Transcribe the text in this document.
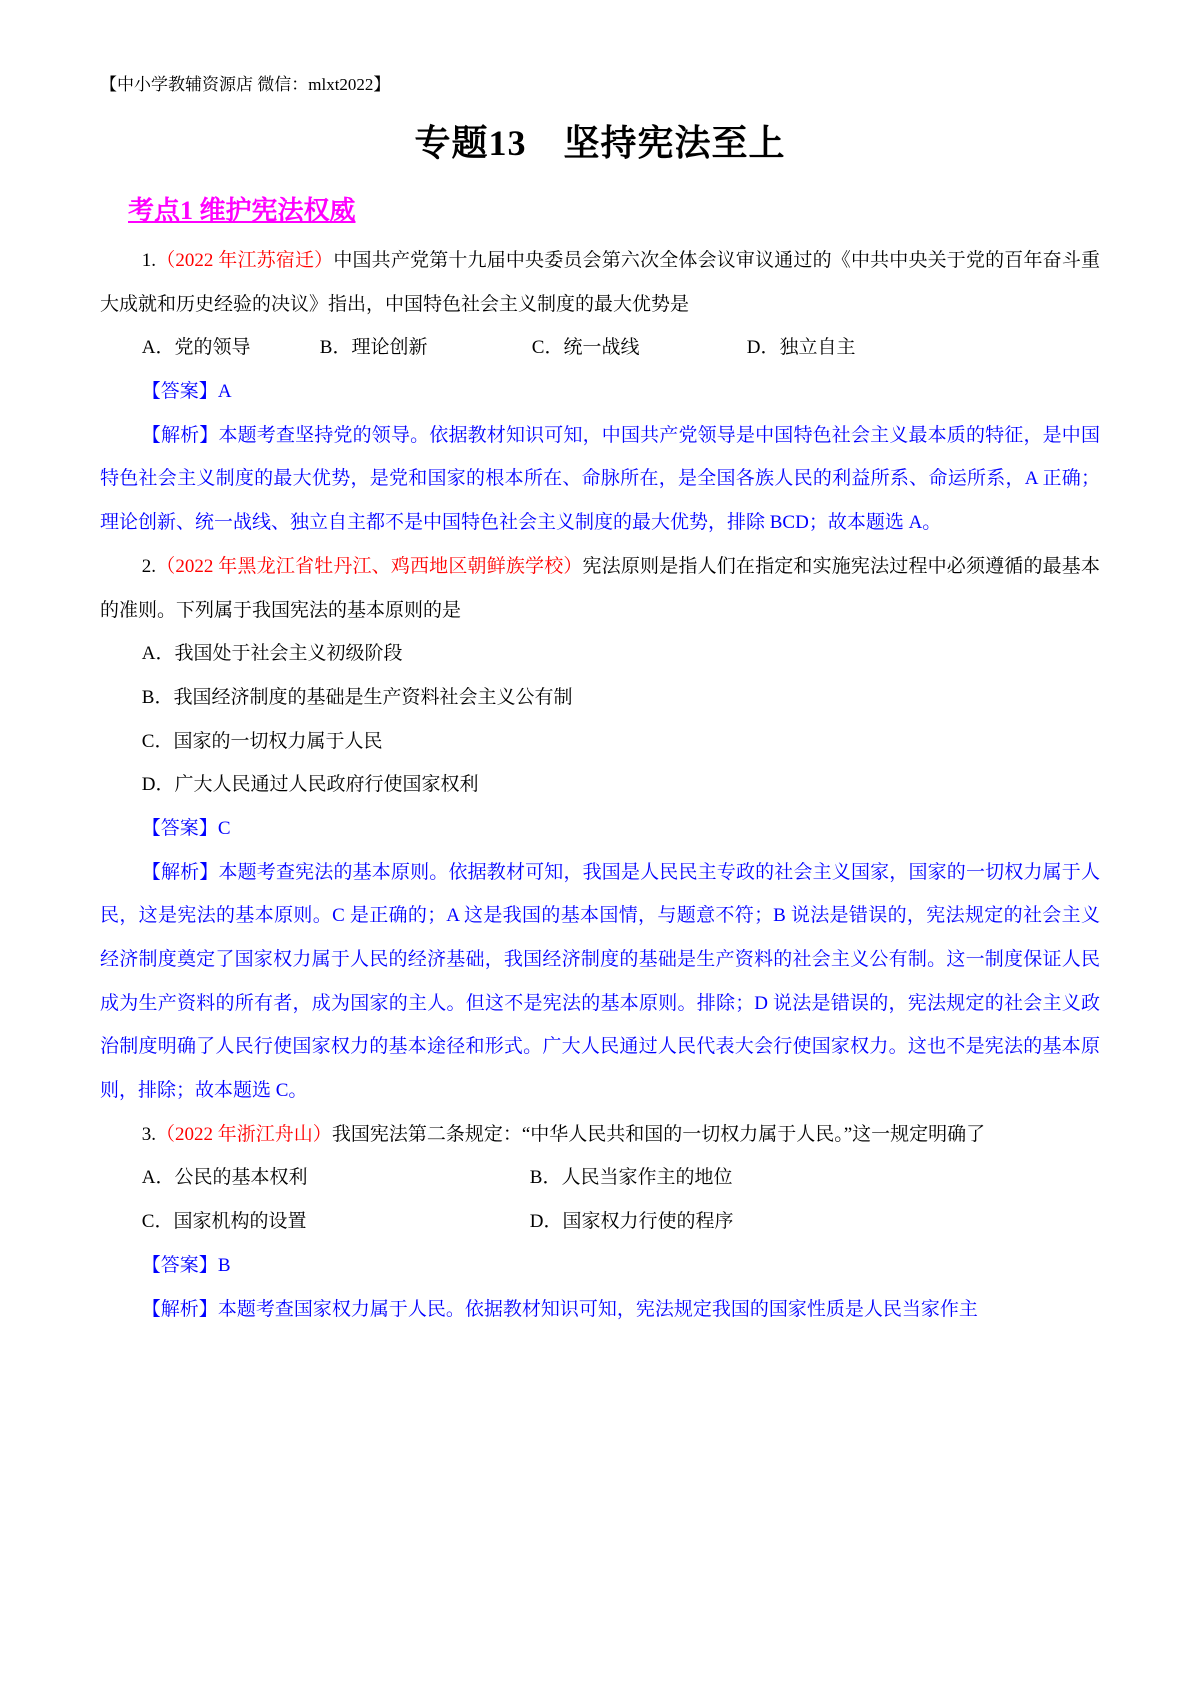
【中小学教辅资源店 微信：mlxt2022】
专题13　坚持宪法至上
考点1 维护宪法权威

1.（2022 年江苏宿迁）中国共产党第十九届中央委员会第六次全体会议审议通过的《中共中央关于党的百年奋斗重大成就和历史经验的决议》指出，中国特色社会主义制度的最大优势是

A．党的领导	B．理论创新	C．统一战线	D．独立自主

【答案】A

【解析】本题考查坚持党的领导。依据教材知识可知，中国共产党领导是中国特色社会主义最本质的特征，是中国特色社会主义制度的最大优势，是党和国家的根本所在、命脉所在，是全国各族人民的利益所系、命运所系，A 正确；理论创新、统一战线、独立自主都不是中国特色社会主义制度的最大优势，排除 BCD；故本题选 A。

2.（2022 年黑龙江省牡丹江、鸡西地区朝鲜族学校）宪法原则是指人们在指定和实施宪法过程中必须遵循的最基本的准则。下列属于我国宪法的基本原则的是

A．我国处于社会主义初级阶段
B．我国经济制度的基础是生产资料社会主义公有制
C．国家的一切权力属于人民
D．广大人民通过人民政府行使国家权利

【答案】C

【解析】本题考查宪法的基本原则。依据教材可知，我国是人民民主专政的社会主义国家，国家的一切权力属于人民，这是宪法的基本原则。C 是正确的；A 这是我国的基本国情，与题意不符；B 说法是错误的，宪法规定的社会主义经济制度奠定了国家权力属于人民的经济基础，我国经济制度的基础是生产资料的社会主义公有制。这一制度保证人民成为生产资料的所有者，成为国家的主人。但这不是宪法的基本原则。排除；D 说法是错误的，宪法规定的社会主义政治制度明确了人民行使国家权力的基本途径和形式。广大人民通过人民代表大会行使国家权力。这也不是宪法的基本原则，排除；故本题选 C。

3.（2022 年浙江舟山）我国宪法第二条规定：“中华人民共和国的一切权力属于人民。”这一规定明确了

A．公民的基本权利	B．人民当家作主的地位
C．国家机构的设置	D．国家权力行使的程序

【答案】B

【解析】本题考查国家权力属于人民。依据教材知识可知，宪法规定我国的国家性质是人民当家作主
